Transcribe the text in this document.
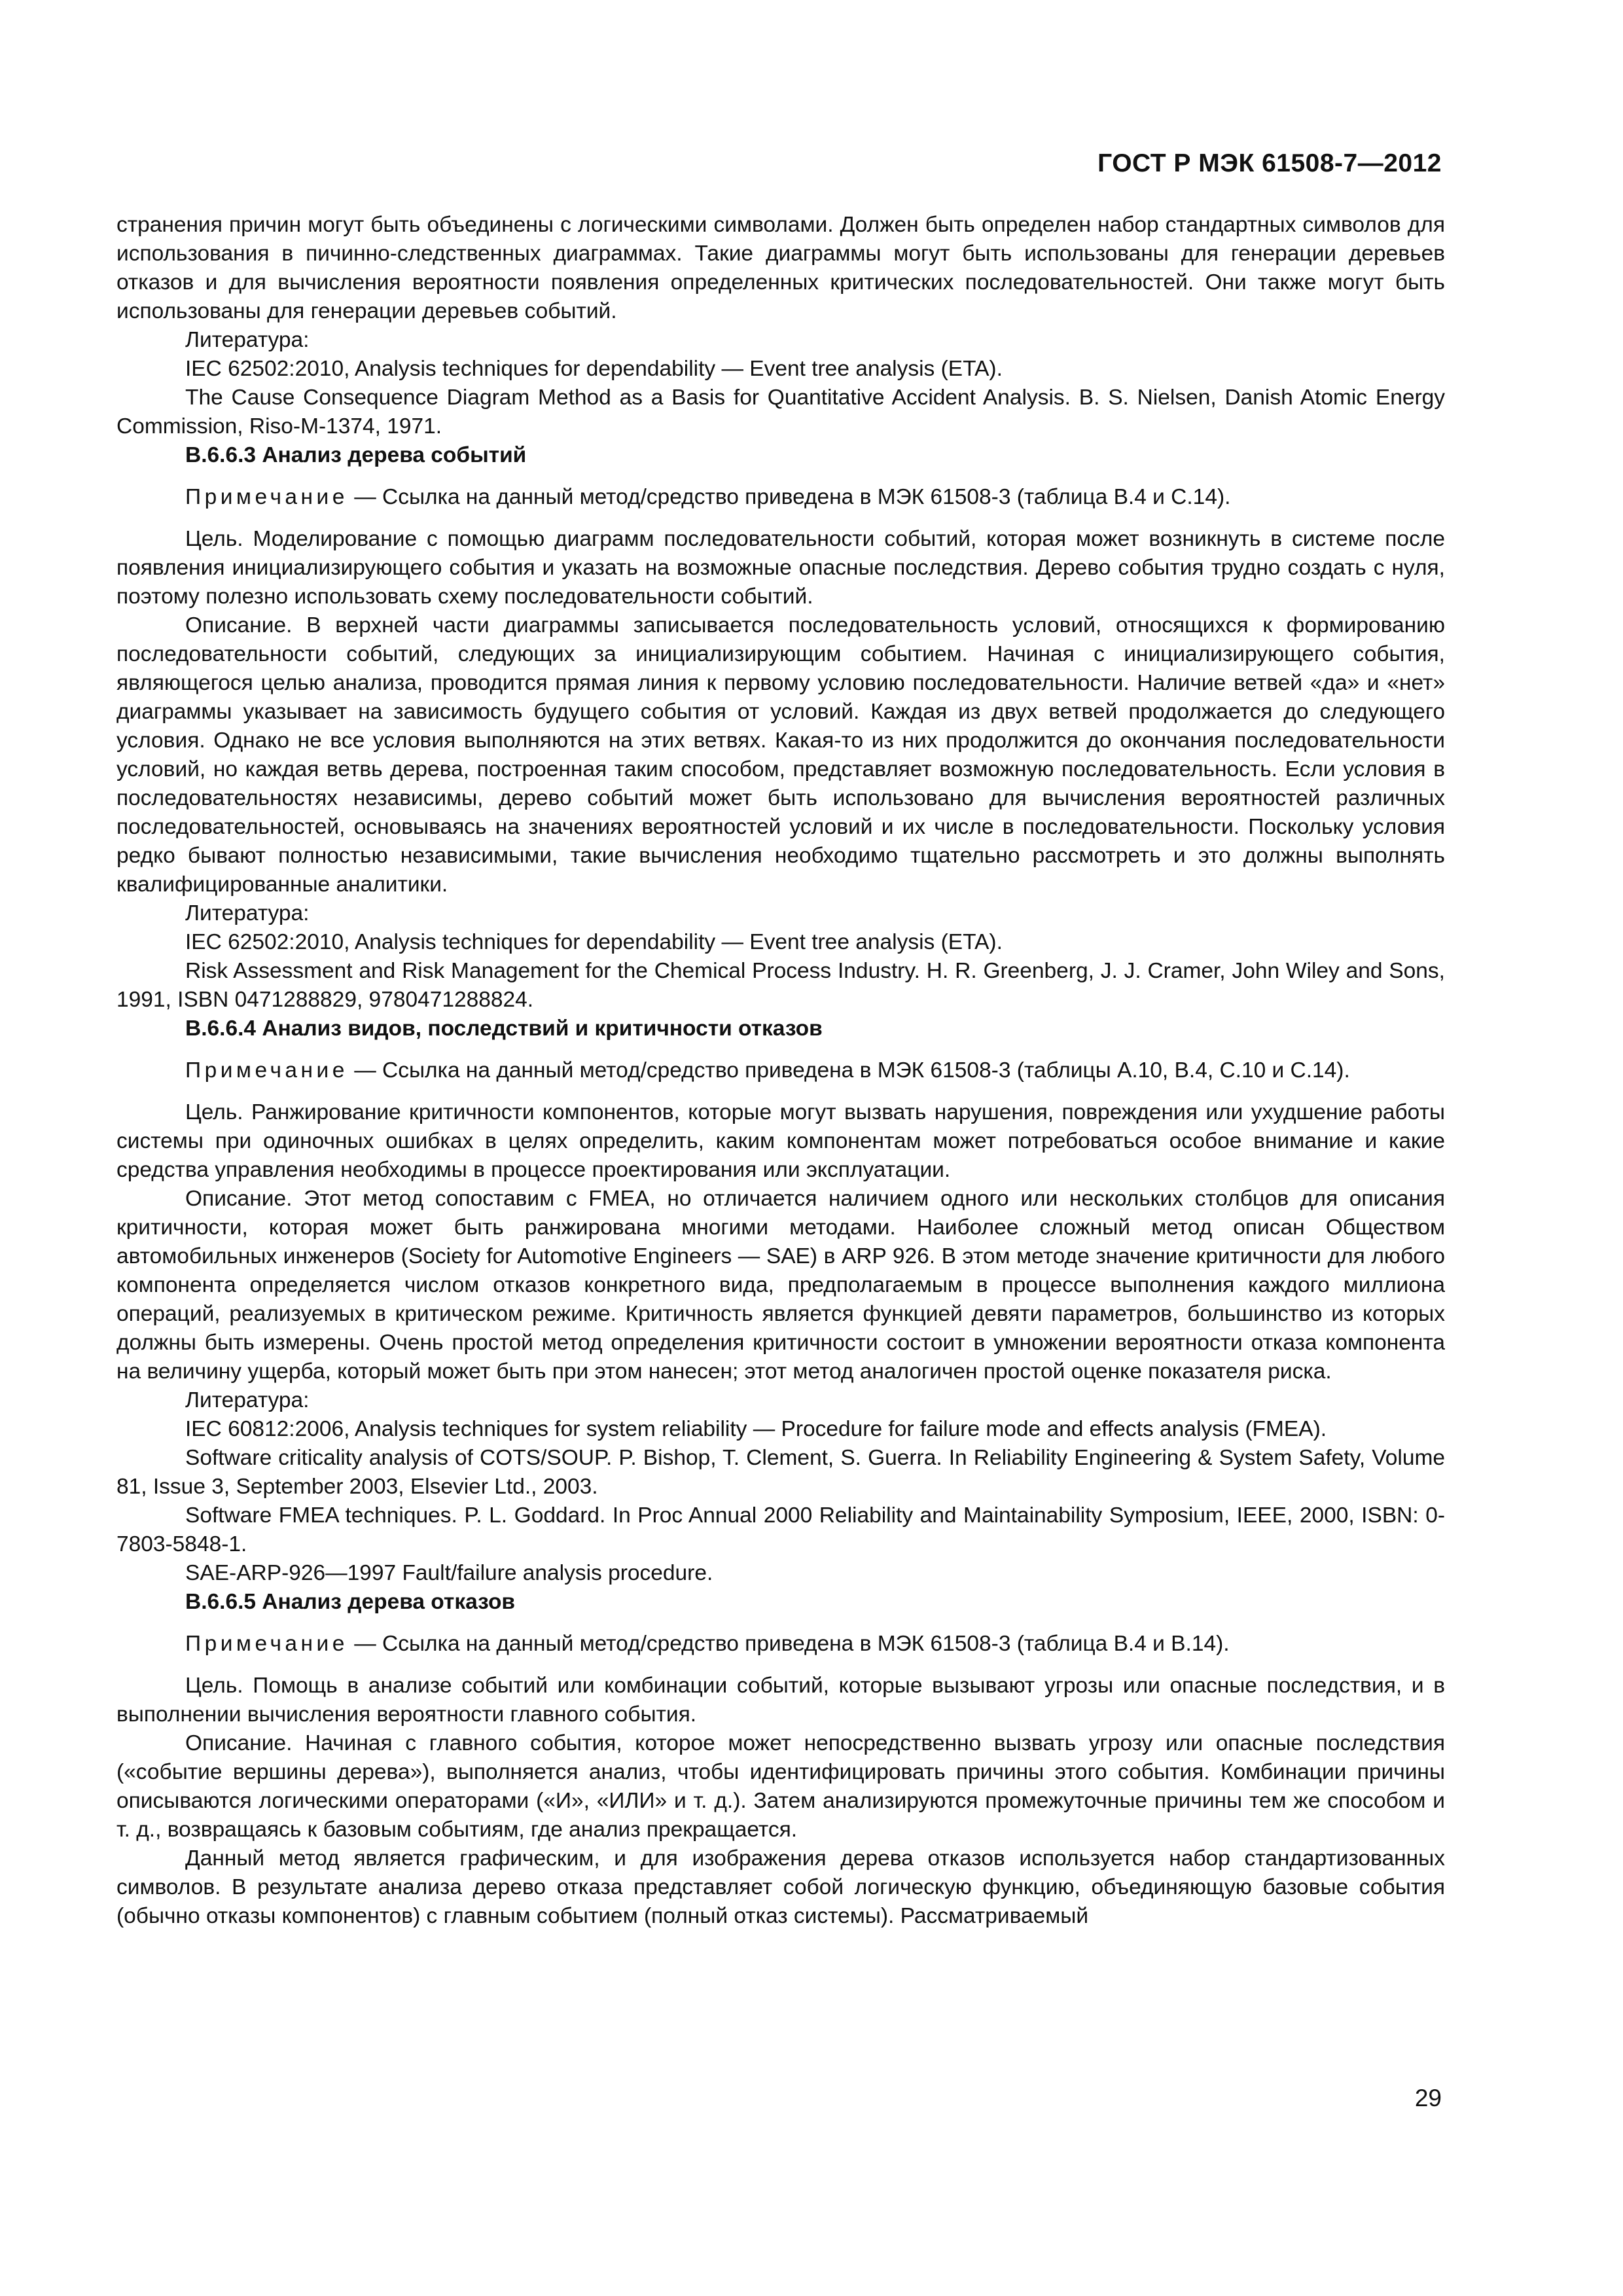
ГОСТ Р МЭК 61508-7—2012

странения причин могут быть объединены с логическими символами. Должен быть определен набор стандартных символов для использования в пичинно-следственных диаграммах. Такие диаграммы могут быть использованы для генерации деревьев отказов и для вычисления вероятности появления определенных критических последовательностей. Они также могут быть использованы для генерации деревьев событий.

Литература:

IEC 62502:2010, Analysis techniques for dependability — Event tree analysis (ETA).

The Cause Consequence Diagram Method as a Basis for Quantitative Accident Analysis. B. S. Nielsen, Danish Atomic Energy Commission, Riso-M-1374, 1971.

В.6.6.3 Анализ дерева событий

Примечание — Ссылка на данный метод/средство приведена в МЭК 61508-3 (таблица В.4 и С.14).

Цель. Моделирование с помощью диаграмм последовательности событий, которая может возникнуть в системе после появления инициализирующего события и указать на возможные опасные последствия. Дерево события трудно создать с нуля, поэтому полезно использовать схему последовательности событий.

Описание. В верхней части диаграммы записывается последовательность условий, относящихся к формированию последовательности событий, следующих за инициализирующим событием. Начиная с инициализирующего события, являющегося целью анализа, проводится прямая линия к первому условию последовательности. Наличие ветвей «да» и «нет» диаграммы указывает на зависимость будущего события от условий. Каждая из двух ветвей продолжается до следующего условия. Однако не все условия выполняются на этих ветвях. Какая-то из них продолжится до окончания последовательности условий, но каждая ветвь дерева, построенная таким способом, представляет возможную последовательность. Если условия в последовательностях независимы, дерево событий может быть использовано для вычисления вероятностей различных последовательностей, основываясь на значениях вероятностей условий и их числе в последовательности. Поскольку условия редко бывают полностью независимыми, такие вычисления необходимо тщательно рассмотреть и это должны выполнять квалифицированные аналитики.

Литература:

IEC 62502:2010, Analysis techniques for dependability — Event tree analysis (ETA).

Risk Assessment and Risk Management for the Chemical Process Industry. H. R. Greenberg, J. J. Cramer, John Wiley and Sons, 1991, ISBN 0471288829, 9780471288824.

В.6.6.4 Анализ видов, последствий и критичности отказов

Примечание — Ссылка на данный метод/средство приведена в МЭК 61508-3 (таблицы А.10, В.4, С.10 и С.14).

Цель. Ранжирование критичности компонентов, которые могут вызвать нарушения, повреждения или ухудшение работы системы при одиночных ошибках в целях определить, каким компонентам может потребоваться особое внимание и какие средства управления необходимы в процессе проектирования или эксплуатации.

Описание. Этот метод сопоставим с FMEA, но отличается наличием одного или нескольких столбцов для описания критичности, которая может быть ранжирована многими методами. Наиболее сложный метод описан Обществом автомобильных инженеров (Society for Automotive Engineers — SAE) в ARP 926. В этом методе значение критичности для любого компонента определяется числом отказов конкретного вида, предполагаемым в процессе выполнения каждого миллиона операций, реализуемых в критическом режиме. Критичность является функцией девяти параметров, большинство из которых должны быть измерены. Очень простой метод определения критичности состоит в умножении вероятности отказа компонента на величину ущерба, который может быть при этом нанесен; этот метод аналогичен простой оценке показателя риска.

Литература:

IEC 60812:2006, Analysis techniques for system reliability — Procedure for failure mode and effects analysis (FMEA).

Software criticality analysis of COTS/SOUP. P. Bishop, T. Clement, S. Guerra. In Reliability Engineering & System Safety, Volume 81, Issue 3, September 2003, Elsevier Ltd., 2003.

Software FMEA techniques. P. L. Goddard. In Proc Annual 2000 Reliability and Maintainability Symposium, IEEE, 2000, ISBN: 0-7803-5848-1.

SAE-ARP-926—1997 Fault/failure analysis procedure.

В.6.6.5 Анализ дерева отказов

Примечание — Ссылка на данный метод/средство приведена в МЭК 61508-3 (таблица В.4 и В.14).

Цель. Помощь в анализе событий или комбинации событий, которые вызывают угрозы или опасные последствия, и в выполнении вычисления вероятности главного события.

Описание. Начиная с главного события, которое может непосредственно вызвать угрозу или опасные последствия («событие вершины дерева»), выполняется анализ, чтобы идентифицировать причины этого события. Комбинации причины описываются логическими операторами («И», «ИЛИ» и т. д.). Затем анализируются промежуточные причины тем же способом и т. д., возвращаясь к базовым событиям, где анализ прекращается.

Данный метод является графическим, и для изображения дерева отказов используется набор стандартизованных символов. В результате анализа дерево отказа представляет собой логическую функцию, объединяющую базовые события (обычно отказы компонентов) с главным событием (полный отказ системы). Рассматриваемый

29
